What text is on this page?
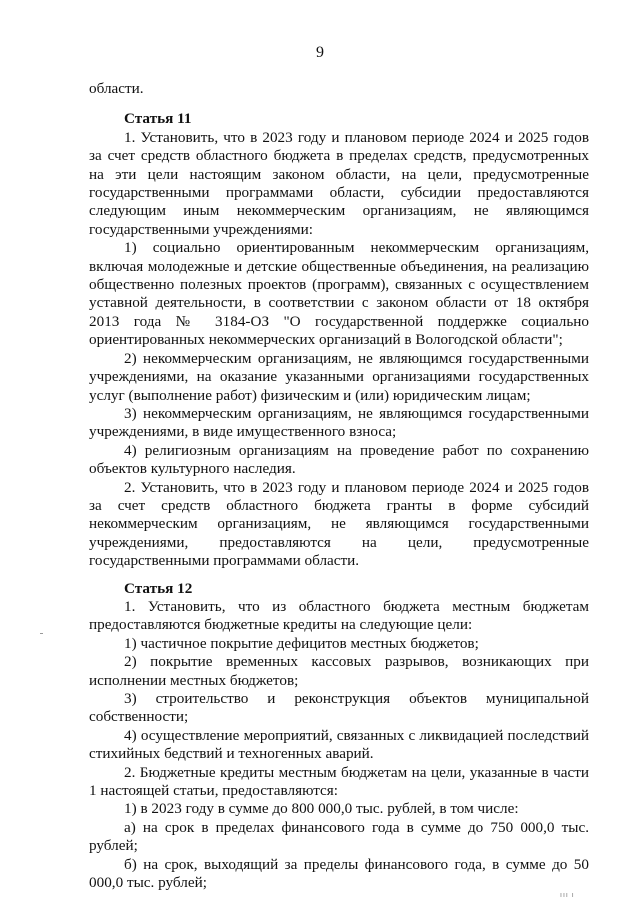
9

области.

Статья 11

1. Установить, что в 2023 году и плановом периоде 2024 и 2025 годов за счет средств областного бюджета в пределах средств, предусмотренных на эти цели настоящим законом области, на цели, предусмотренные государственными программами области, субсидии предоставляются следующим иным некоммерческим организациям, не являющимся государственными учреждениями:

1) социально ориентированным некоммерческим организациям, включая молодежные и детские общественные объединения, на реализацию общественно полезных проектов (программ), связанных с осуществлением уставной деятельности, в соответствии с законом области от 18 октября 2013 года № 3184-ОЗ "О государственной поддержке социально ориентированных некоммерческих организаций в Вологодской области";

2) некоммерческим организациям, не являющимся государственными учреждениями, на оказание указанными организациями государственных услуг (выполнение работ) физическим и (или) юридическим лицам;

3) некоммерческим организациям, не являющимся государственными учреждениями, в виде имущественного взноса;

4) религиозным организациям на проведение работ по сохранению объектов культурного наследия.

2. Установить, что в 2023 году и плановом периоде 2024 и 2025 годов за счет средств областного бюджета гранты в форме субсидий некоммерческим организациям, не являющимся государственными учреждениями, предоставляются на цели, предусмотренные государственными программами области.

Статья 12

1. Установить, что из областного бюджета местным бюджетам предоставляются бюджетные кредиты на следующие цели:

1) частичное покрытие дефицитов местных бюджетов;

2) покрытие временных кассовых разрывов, возникающих при исполнении местных бюджетов;

3) строительство и реконструкция объектов муниципальной собственности;

4) осуществление мероприятий, связанных с ликвидацией последствий стихийных бедствий и техногенных аварий.

2. Бюджетные кредиты местным бюджетам на цели, указанные в части 1 настоящей статьи, предоставляются:

1) в 2023 году в сумме до 800 000,0 тыс. рублей, в том числе:

а) на срок в пределах финансового года в сумме до 750 000,0 тыс. рублей;

б) на срок, выходящий за пределы финансового года, в сумме до 50 000,0 тыс. рублей;

ııı ı
